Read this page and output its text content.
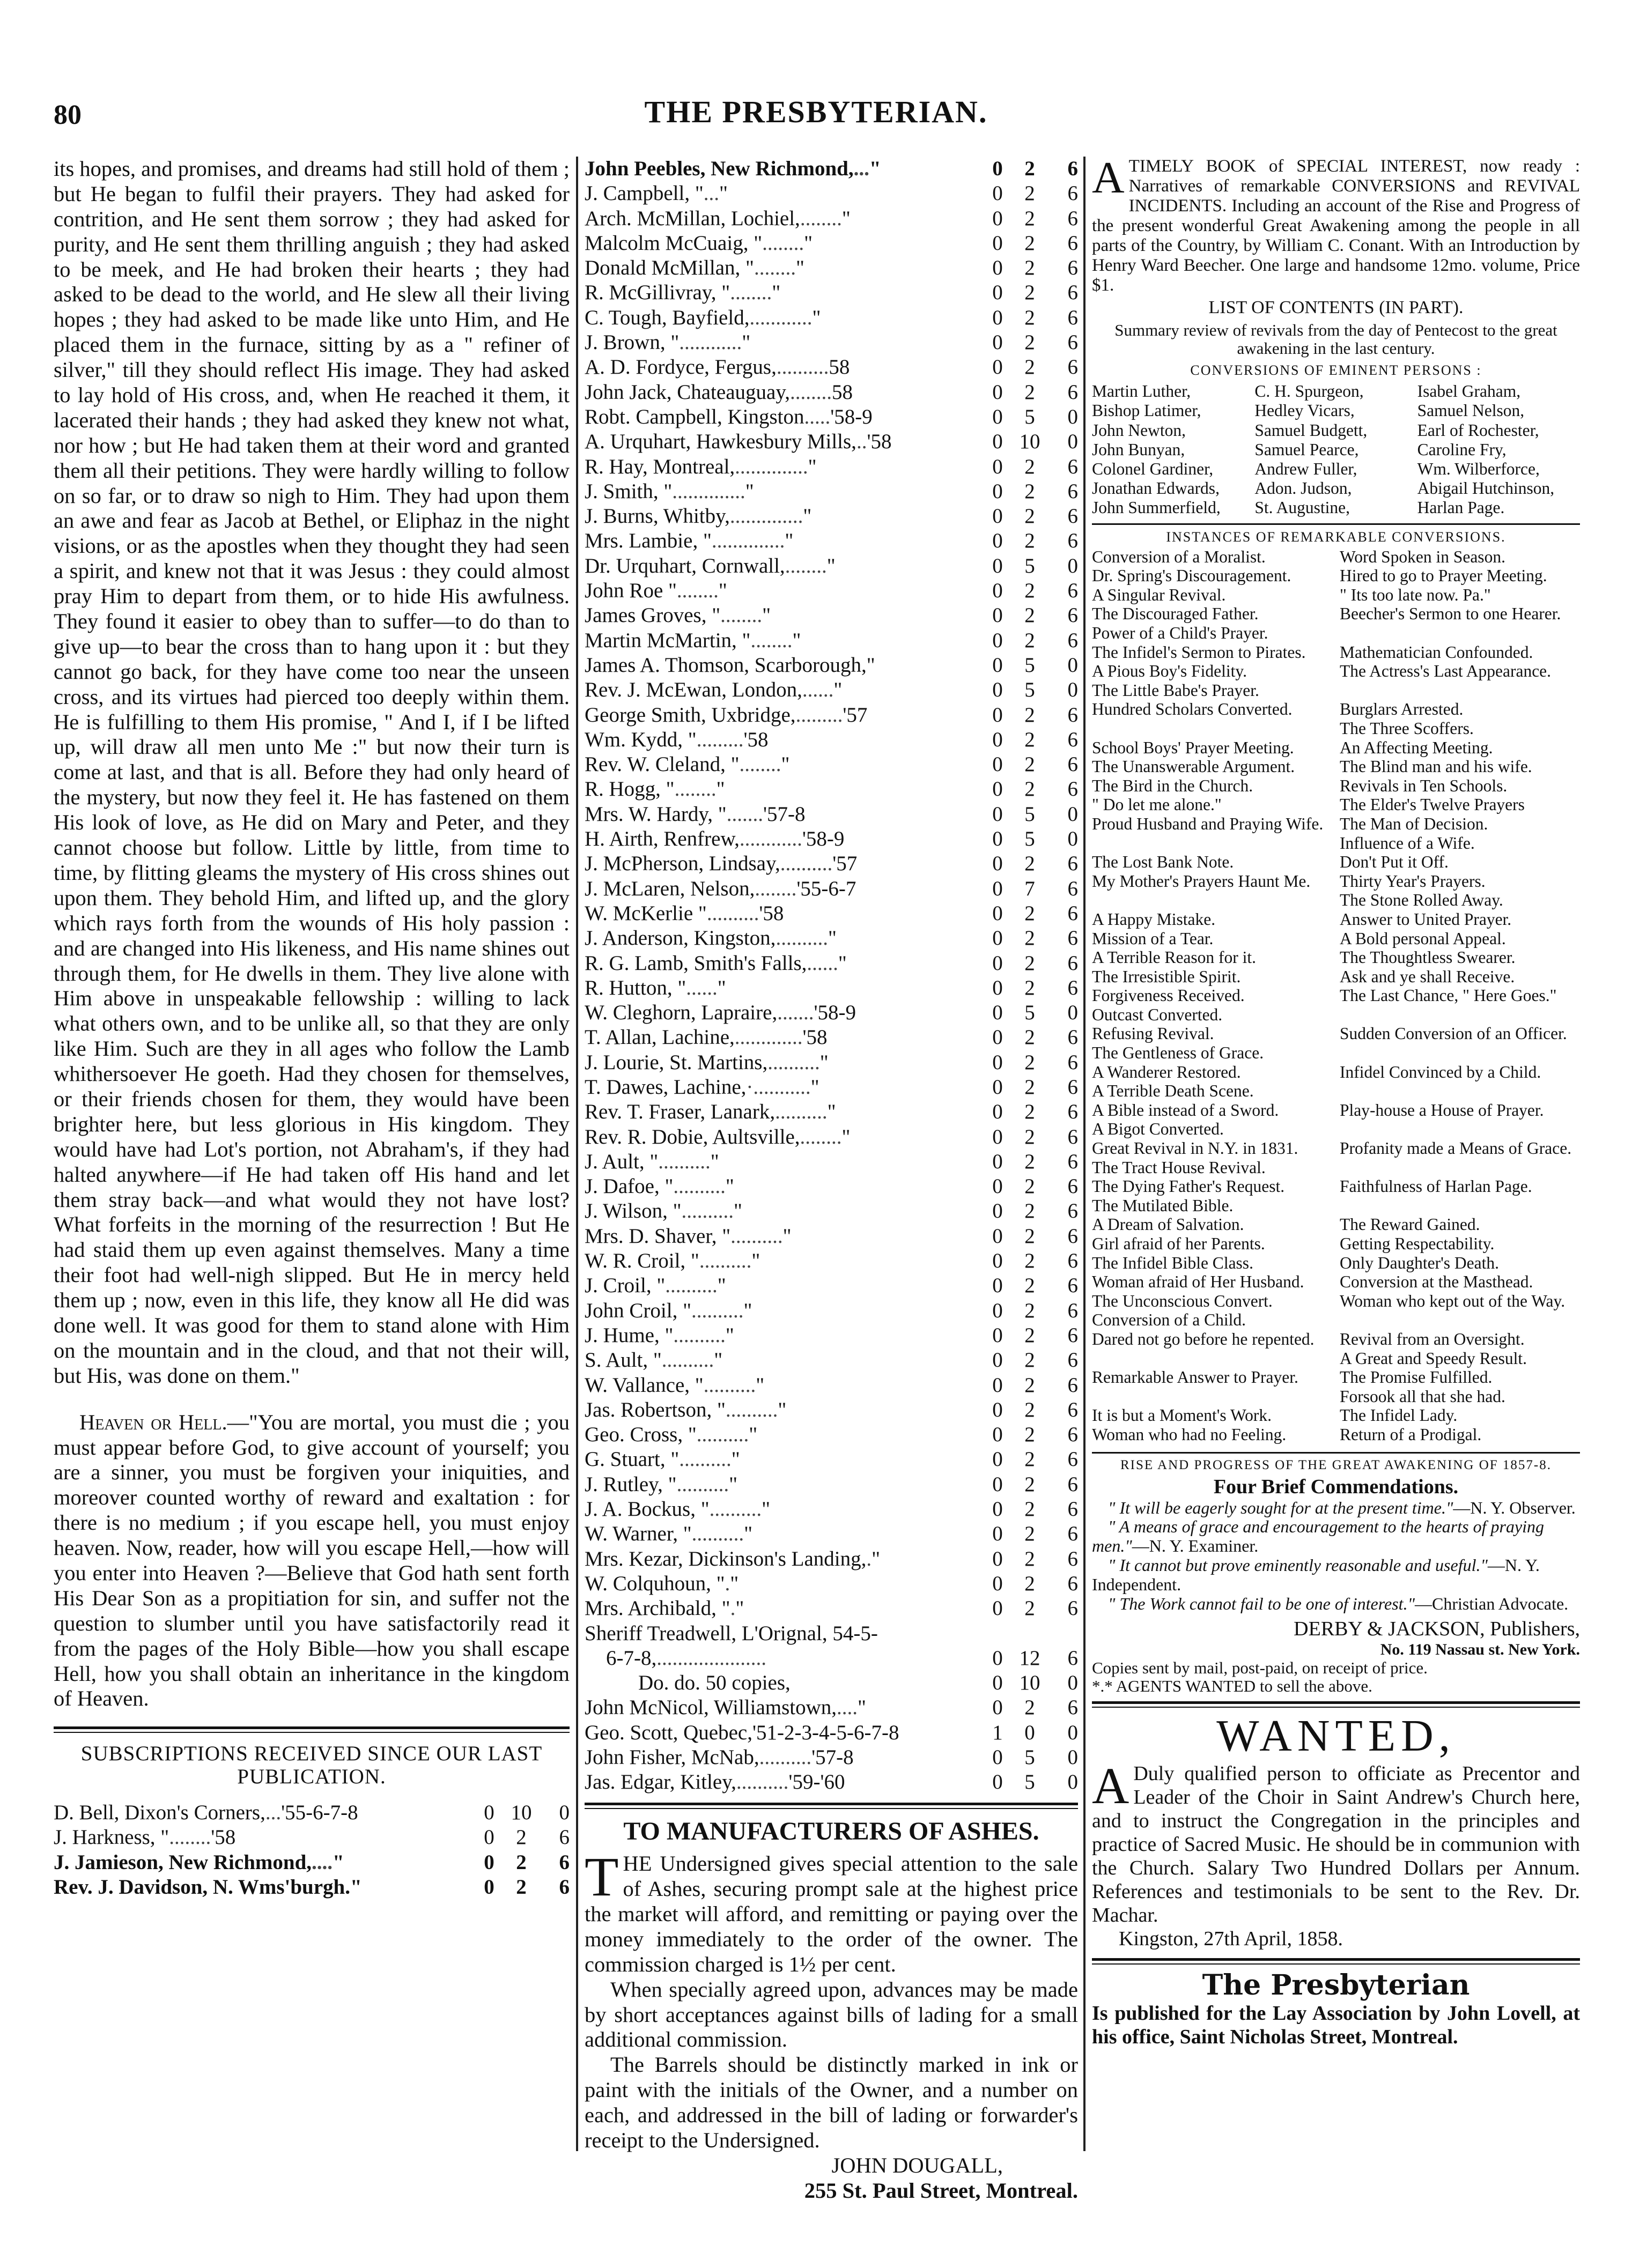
80	THE PRESBYTERIAN.

its hopes, and promises, and dreams had still hold of them ; but He began to fulfil their prayers. They had asked for contrition, and He sent them sorrow ; they had asked for purity, and He sent them thrilling anguish ; they had asked to be meek, and He had broken their hearts ; they had asked to be dead to the world, and He slew all their living hopes ; they had asked to be made like unto Him, and He placed them in the furnace, sitting by as a " refiner of silver," till they should reflect His image. They had asked to lay hold of His cross, and, when He reached it them, it lacerated their hands ; they had asked they knew not what, nor how ; but He had taken them at their word and granted them all their petitions. They were hardly willing to follow on so far, or to draw so nigh to Him. They had upon them an awe and fear as Jacob at Bethel, or Eliphaz in the night visions, or as the apostles when they thought they had seen a spirit, and knew not that it was Jesus : they could almost pray Him to depart from them, or to hide His awfulness. They found it easier to obey than to suffer—to do than to give up—to bear the cross than to hang upon it : but they cannot go back, for they have come too near the unseen cross, and its virtues had pierced too deeply within them. He is fulfilling to them His promise, " And I, if I be lifted up, will draw all men unto Me :" but now their turn is come at last, and that is all. Before they had only heard of the mystery, but now they feel it. He has fastened on them His look of love, as He did on Mary and Peter, and they cannot choose but follow. Little by little, from time to time, by flitting gleams the mystery of His cross shines out upon them. They behold Him, and lifted up, and the glory which rays forth from the wounds of His holy passion : and are changed into His likeness, and His name shines out through them, for He dwells in them. They live alone with Him above in unspeakable fellowship : willing to lack what others own, and to be unlike all, so that they are only like Him. Such are they in all ages who follow the Lamb whithersoever He goeth. Had they chosen for themselves, or their friends chosen for them, they would have been brighter here, but less glorious in His kingdom. They would have had Lot's portion, not Abraham's, if they had halted anywhere—if He had taken off His hand and let them stray back—and what would they not have lost? What forfeits in the morning of the resurrection ! But He had staid them up even against themselves. Many a time their foot had well-nigh slipped. But He in mercy held them up ; now, even in this life, they know all He did was done well. It was good for them to stand alone with Him on the mountain and in the cloud, and that not their will, but His, was done on them."

Heaven or Hell.—"You are mortal, you must die ; you must appear before God, to give account of yourself; you are a sinner, you must be forgiven your iniquities, and moreover counted worthy of reward and exaltation : for there is no medium ; if you escape hell, you must enjoy heaven. Now, reader, how will you escape Hell,—how will you enter into Heaven ?—Believe that God hath sent forth His Dear Son as a propitiation for sin, and suffer not the question to slumber until you have satisfactorily read it from the pages of the Holy Bible—how you shall escape Hell, how you shall obtain an inheritance in the kingdom of Heaven.

SUBSCRIPTIONS RECEIVED SINCE OUR LAST PUBLICATION.
D. Bell, Dixon's Corners,...'55-6-7-8	0 10	0
J. Harkness, "........'58	0	2	6
J. Jamieson, New Richmond,...."	0	2	6
Rev. J. Davidson, N. Wms'burgh."	0	2	6
John Peebles, New Richmond,..."	0	2	6
J. Campbell, "..."	0	2	6
Arch. McMillan, Lochiel,........"	0	2	6
Malcolm McCuaig, "........"	0	2	6
Donald McMillan, "........"	0	2	6
R. McGillivray, "........"	0	2	6
C. Tough, Bayfield,............"	0	2	6
J. Brown, "............"	0	2	6
A. D. Fordyce, Fergus,..........58	0	2	6
John Jack, Chateauguay,........58	0	2	6
Robt. Campbell, Kingston.....'58-9	0	5	0
A. Urquhart, Hawkesbury Mills,..'58	0 10	0
R. Hay, Montreal,.............."	0	2	6
J. Smith, ".............."	0	2	6
J. Burns, Whitby,.............."	0	2	6
Mrs. Lambie, ".............."	0	2	6
Dr. Urquhart, Cornwall,........"	0	5	0
John Roe "........"	0	2	6
James Groves, "........"	0	2	6
Martin McMartin, "........"	0	2	6
James A. Thomson, Scarborough,"	0	5	0
Rev. J. McEwan, London,......"	0	5	0
George Smith, Uxbridge,.........'57	0	2	6
Wm. Kydd, ".........'58	0	2	6
Rev. W. Cleland, "........"	0	2	6
R. Hogg, "........"	0	2	6
Mrs. W. Hardy, ".......'57-8	0	5	0
H. Airth, Renfrew,............'58-9	0	5	0
J. McPherson, Lindsay,..........'57	0	2	6
J. McLaren, Nelson,........'55-6-7	0	7	6
W. McKerlie "..........'58	0	2	6
J. Anderson, Kingston,.........."	0	2	6
R. G. Lamb, Smith's Falls,......"	0	2	6
R. Hutton, "......"	0	2	6
W. Cleghorn, Lapraire,.......'58-9	0	5	0
T. Allan, Lachine,.............'58	0	2	6
J. Lourie, St. Martins,.........."	0	2	6
T. Dawes, Lachine,·..........."	0	2	6
Rev. T. Fraser, Lanark,.........."	0	2	6
Rev. R. Dobie, Aultsville,........"	0	2	6
J. Ault, ".........."	0	2	6
J. Dafoe, ".........."	0	2	6
J. Wilson, ".........."	0	2	6
Mrs. D. Shaver, ".........."	0	2	6
W. R. Croil, ".........."	0	2	6
J. Croil, ".........."	0	2	6
John Croil, ".........."	0	2	6
J. Hume, ".........."	0	2	6
S. Ault, ".........."	0	2	6
W. Vallance, ".........."	0	2	6
Jas. Robertson, ".........."	0	2	6
Geo. Cross, ".........."	0	2	6
G. Stuart, ".........."	0	2	6
J. Rutley, ".........."	0	2	6
J. A. Bockus, ".........."	0	2	6
W. Warner, ".........."	0	2	6
Mrs. Kezar, Dickinson's Landing,."	0	2	6
W. Colquhoun, "."	0	2	6
Mrs. Archibald, "."	0	2	6
Sheriff Treadwell, L'Orignal, 54-5-
6-7-8,.....................	0 12	6
Do. do. 50 copies,	0 10	0
John McNicol, Williamstown,...."	0	2	6
Geo. Scott, Quebec,'51-2-3-4-5-6-7-8	1	0	0
John Fisher, McNab,..........'57-8	0	5	0
Jas. Edgar, Kitley,..........'59-'60	0	5	0
TO MANUFACTURERS OF ASHES.

THE Undersigned gives special attention to the sale of Ashes, securing prompt sale at the highest price the market will afford, and remitting or paying over the money immediately to the order of the owner. The commission charged is 1½ per cent.

When specially agreed upon, advances may be made by short acceptances against bills of lading for a small additional commission.

The Barrels should be distinctly marked in ink or paint with the initials of the Owner, and a number on each, and addressed in the bill of lading or forwarder's receipt to the Undersigned.

JOHN DOUGALL,
255 St. Paul Street, Montreal.

ATIMELY BOOK of SPECIAL INTEREST, now ready : Narratives of remarkable CONVERSIONS and REVIVAL INCIDENTS. Including an account of the Rise and Progress of the present wonderful Great Awakening among the people in all parts of the Country, by William C. Conant. With an Introduction by Henry Ward Beecher. One large and handsome 12mo. volume, Price $1.

LIST OF CONTENTS (IN PART).
Summary review of revivals from the day of Pentecost to the great awakening in the last century.
CONVERSIONS OF EMINENT PERSONS :
Martin Luther,	C. H. Spurgeon,	Isabel Graham,
Bishop Latimer,	Hedley Vicars,	Samuel Nelson,
John Newton,	Samuel Budgett,	Earl of Rochester,
John Bunyan,	Samuel Pearce,	Caroline Fry,
Colonel Gardiner,	Andrew Fuller,	Wm. Wilberforce,
Jonathan Edwards,	Adon. Judson,	Abigail Hutchinson,
John Summerfield,	St. Augustine,	Harlan Page.
INSTANCES OF REMARKABLE CONVERSIONS.
Conversion of a Moralist.	Word Spoken in Season.
Dr. Spring's Discouragement.	Hired to go to Prayer Meeting.
A Singular Revival.	" Its too late now. Pa."
The Discouraged Father.	Beecher's Sermon to one Hearer.
Power of a Child's Prayer.
The Infidel's Sermon to Pirates.	Mathematician Confounded.
A Pious Boy's Fidelity.	The Actress's Last Appearance.
The Little Babe's Prayer.
Hundred Scholars Converted.	Burglars Arrested.
The Three Scoffers.
School Boys' Prayer Meeting.	An Affecting Meeting.
The Unanswerable Argument.	The Blind man and his wife.
The Bird in the Church.	Revivals in Ten Schools.
" Do let me alone."	The Elder's Twelve Prayers
Proud Husband and Praying Wife. The Man of Decision.
Influence of a Wife.
The Lost Bank Note.	Don't Put it Off.
My Mother's Prayers Haunt Me.	Thirty Year's Prayers.
The Stone Rolled Away.
A Happy Mistake.	Answer to United Prayer.
Mission of a Tear.	A Bold personal Appeal.
A Terrible Reason for it.	The Thoughtless Swearer.
The Irresistible Spirit.	Ask and ye shall Receive.
Forgiveness Received.	The Last Chance, " Here Goes."
Outcast Converted.
Refusing Revival.	Sudden Conversion of an Officer.
The Gentleness of Grace.
A Wanderer Restored.	Infidel Convinced by a Child.
A Terrible Death Scene.
A Bible instead of a Sword.	Play-house a House of Prayer.
A Bigot Converted.
Great Revival in N.Y. in 1831.	Profanity made a Means of Grace.
The Tract House Revival.
The Dying Father's Request.	Faithfulness of Harlan Page.
The Mutilated Bible.
A Dream of Salvation.	The Reward Gained.
Girl afraid of her Parents.	Getting Respectability.
The Infidel Bible Class.	Only Daughter's Death.
Woman afraid of Her Husband.	Conversion at the Masthead.
The Unconscious Convert.	Woman who kept out of the Way.
Conversion of a Child.
Dared not go before he repented.	Revival from an Oversight.
A Great and Speedy Result.
Remarkable Answer to Prayer.	The Promise Fulfilled.
Forsook all that she had.
It is but a Moment's Work.	The Infidel Lady.
Woman who had no Feeling.	Return of a Prodigal.
RISE AND PROGRESS OF THE GREAT AWAKENING OF 1857-8.
Four Brief Commendations.
" It will be eagerly sought for at the present time."—N. Y. Observer.
" A means of grace and encouragement to the hearts of praying men."—N. Y. Examiner.
" It cannot but prove eminently reasonable and useful."—N. Y. Independent.
" The Work cannot fail to be one of interest."—Christian Advocate.
DERBY & JACKSON, Publishers,
No. 119 Nassau st. New York.
Copies sent by mail, post-paid, on receipt of price.
*.* AGENTS WANTED to sell the above.
WANTED,

A Duly qualified person to officiate as Precentor and Leader of the Choir in Saint Andrew's Church here, and to instruct the Congregation in the principles and practice of Sacred Music. He should be in communion with the Church. Salary Two Hundred Dollars per Annum. References and testimonials to be sent to the Rev. Dr. Machar.

Kingston, 27th April, 1858.
The Presbyterian
Is published for the Lay Association by John Lovell, at his office, Saint Nicholas Street, Montreal.
